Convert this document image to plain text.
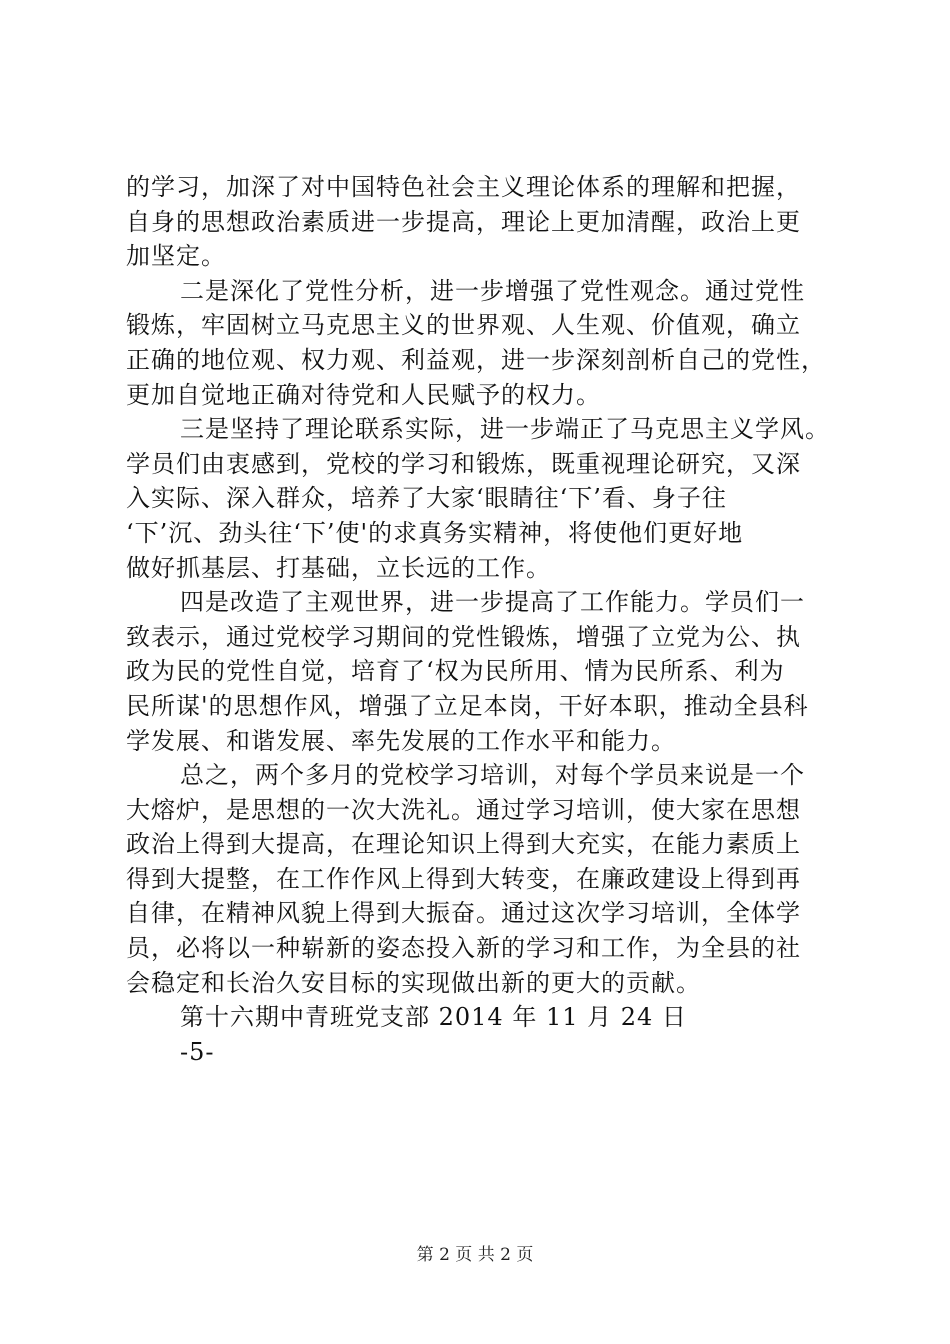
的学习，加深了对中国特色社会主义理论体系的理解和把握，
自身的思想政治素质进一步提高，理论上更加清醒，政治上更
加坚定。
二是深化了党性分析，进一步增强了党性观念。通过党性
锻炼，牢固树立马克思主义的世界观、人生观、价值观，确立
正确的地位观、权力观、利益观，进一步深刻剖析自己的党性，
更加自觉地正确对待党和人民赋予的权力。
三是坚持了理论联系实际，进一步端正了马克思主义学风。
学员们由衷感到，党校的学习和锻炼，既重视理论研究，又深
入实际、深入群众，培养了大家‘眼睛往‘下’看、身子往
‘下’沉、劲头往‘下’使'的求真务实精神，将使他们更好地
做好抓基层、打基础，立长远的工作。
四是改造了主观世界，进一步提高了工作能力。学员们一
致表示，通过党校学习期间的党性锻炼，增强了立党为公、执
政为民的党性自觉，培育了‘权为民所用、情为民所系、利为
民所谋'的思想作风，增强了立足本岗，干好本职，推动全县科
学发展、和谐发展、率先发展的工作水平和能力。
总之，两个多月的党校学习培训，对每个学员来说是一个
大熔炉，是思想的一次大洗礼。通过学习培训，使大家在思想
政治上得到大提高，在理论知识上得到大充实，在能力素质上
得到大提整，在工作作风上得到大转变，在廉政建设上得到再
自律，在精神风貌上得到大振奋。通过这次学习培训，全体学
员，必将以一种崭新的姿态投入新的学习和工作，为全县的社
会稳定和长治久安目标的实现做出新的更大的贡献。
第十六期中青班党支部 2014 年 11 月 24 日
-5-
第 2 页 共 2 页
